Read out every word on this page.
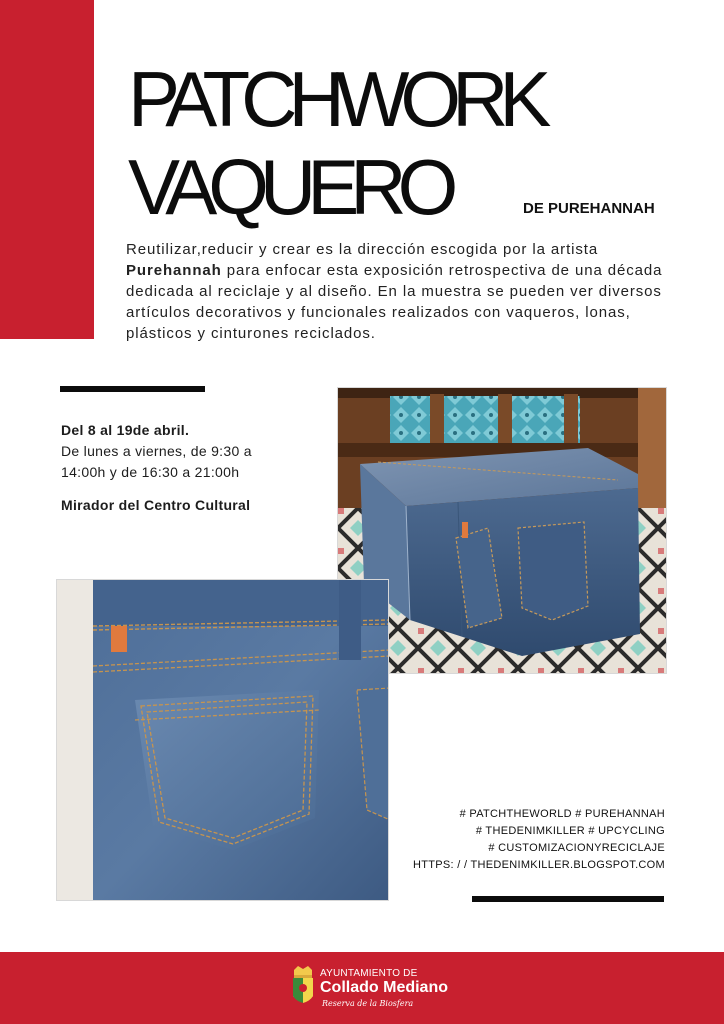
PATCHWORK
VAQUERO	DE PUREHANNAH

Reutilizar,reducir y crear es la dirección escogida por la artista Purehannah para enfocar esta exposición retrospectiva de una década dedicada al reciclaje y al diseño. En la muestra se pueden ver diversos artículos decorativos y funcionales realizados con vaqueros, lonas, plásticos y cinturones reciclados.

Del 8 al 19de abril.
De lunes a viernes, de 9:30 a
14:00h y de 16:30 a 21:00h
Mirador del Centro Cultural
# PATCHTHEWORLD # PUREHANNAH
# THEDENIMKILLER # UPCYCLING
# CUSTOMIZACIONYRECICLAJE
HTTPS: / / THEDENIMKILLER.BLOGSPOT.COM
AYUNTAMIENTO DE
Collado Mediano
Reserva de la Biosfera
